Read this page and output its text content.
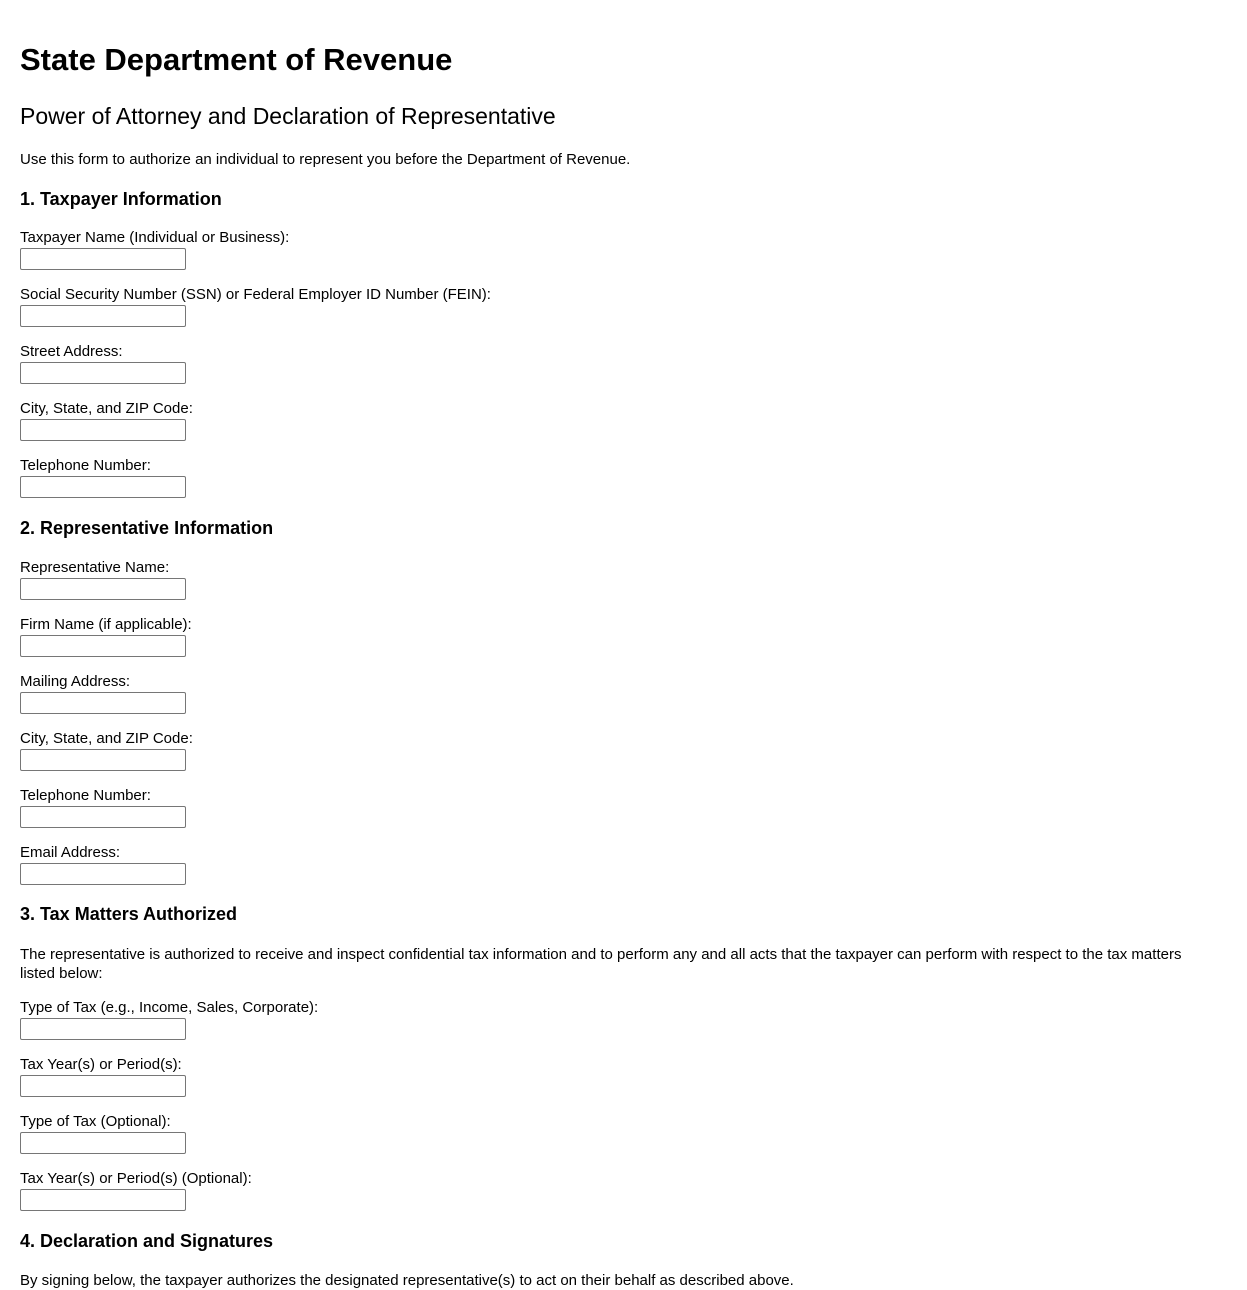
State Department of Revenue
Power of Attorney and Declaration of Representative

Use this form to authorize an individual to represent you before the Department of Revenue.

1. Taxpayer Information
Taxpayer Name (Individual or Business):
Social Security Number (SSN) or Federal Employer ID Number (FEIN):
Street Address:
City, State, and ZIP Code:
Telephone Number:
2. Representative Information
Representative Name:
Firm Name (if applicable):
Mailing Address:
City, State, and ZIP Code:
Telephone Number:
Email Address:
3. Tax Matters Authorized

The representative is authorized to receive and inspect confidential tax information and to perform any and all acts that the taxpayer can perform with respect to the tax matters listed below:

Type of Tax (e.g., Income, Sales, Corporate):
Tax Year(s) or Period(s):
Type of Tax (Optional):
Tax Year(s) or Period(s) (Optional):
4. Declaration and Signatures

By signing below, the taxpayer authorizes the designated representative(s) to act on their behalf as described above.
